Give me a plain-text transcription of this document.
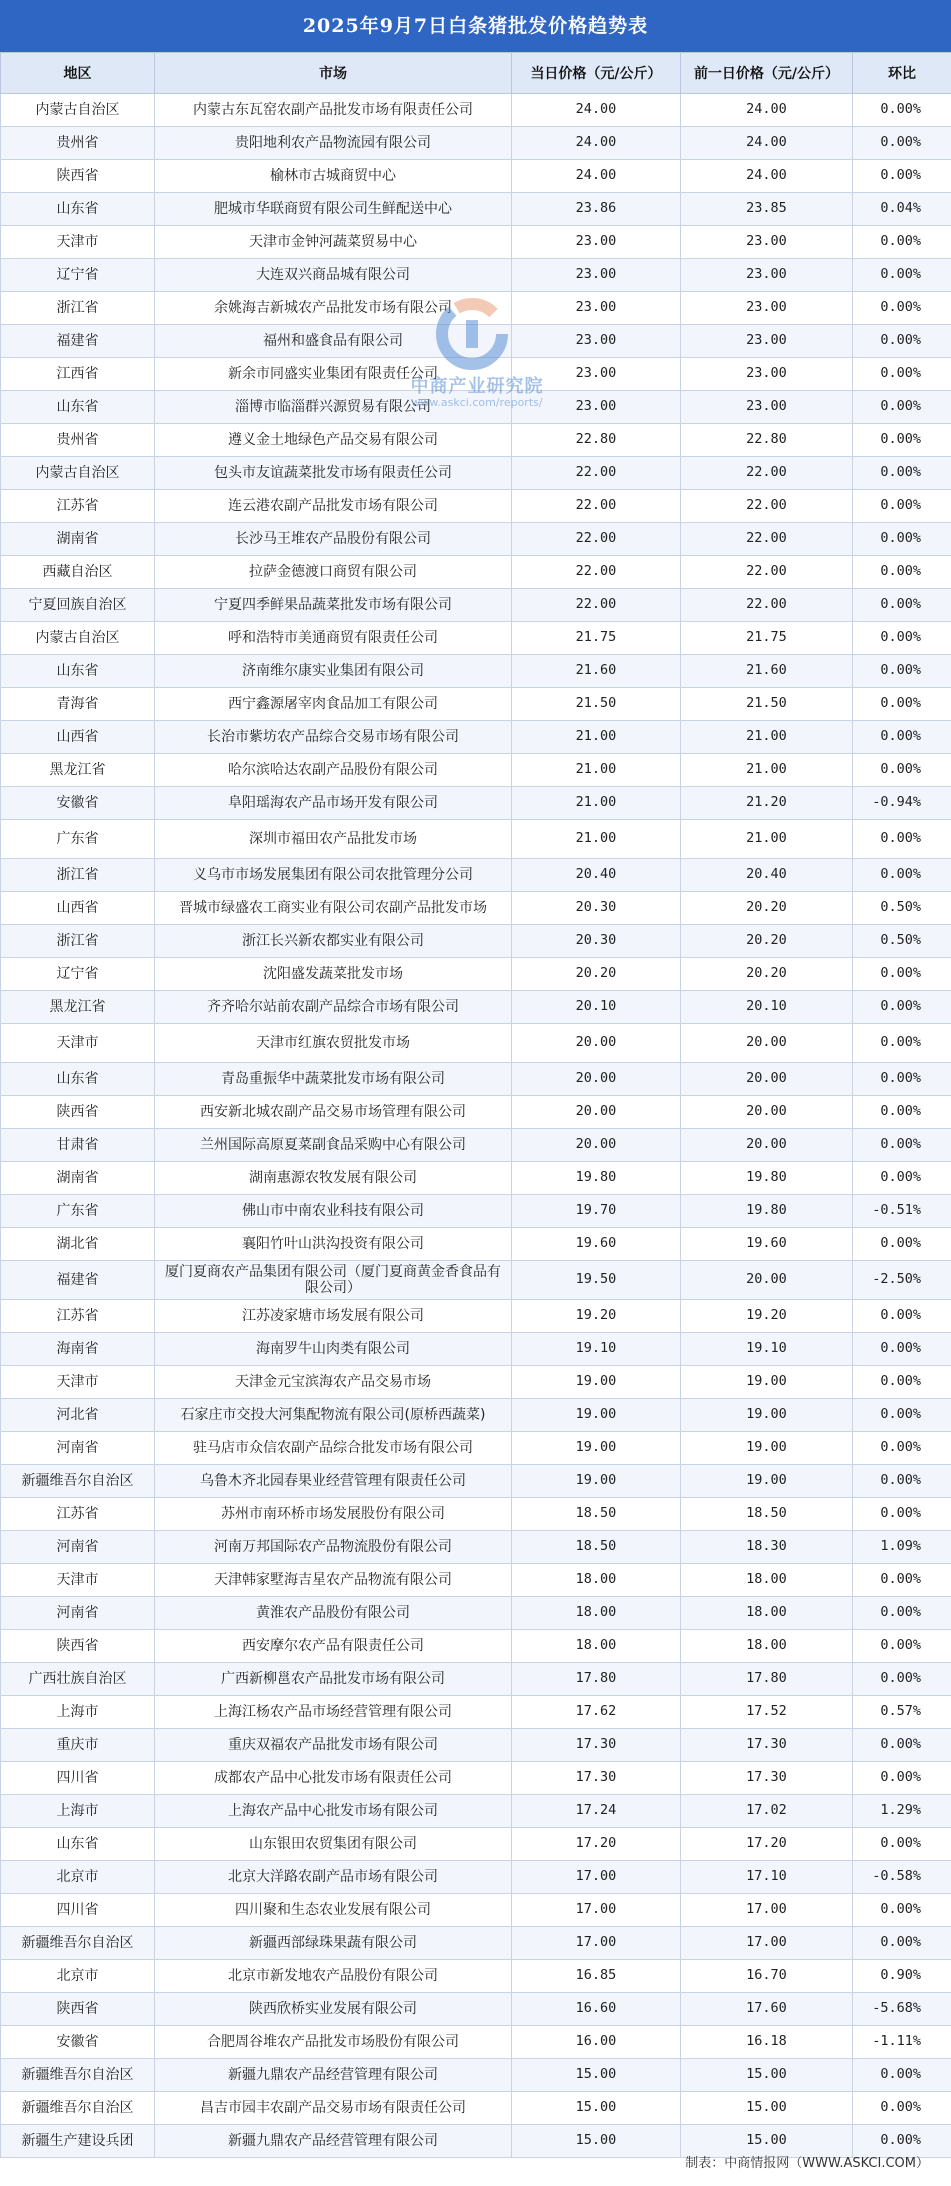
2025年9月7日白条猪批发价格趋势表
地区	市场	当日价格（元/公斤）	前一日价格（元/公斤）	环比
内蒙古自治区	内蒙古东瓦窑农副产品批发市场有限责任公司	24.00	24.00	0.00%
贵州省	贵阳地利农产品物流园有限公司	24.00	24.00	0.00%
陕西省	榆林市古城商贸中心	24.00	24.00	0.00%
山东省	肥城市华联商贸有限公司生鲜配送中心	23.86	23.85	0.04%
天津市	天津市金钟河蔬菜贸易中心	23.00	23.00	0.00%
辽宁省	大连双兴商品城有限公司	23.00	23.00	0.00%
浙江省	余姚海吉新城农产品批发市场有限公司	23.00	23.00	0.00%
福建省	福州和盛食品有限公司	23.00	23.00	0.00%
江西省	新余市同盛实业集团有限责任公司	23.00	23.00	0.00%
山东省	淄博市临淄群兴源贸易有限公司	23.00	23.00	0.00%
贵州省	遵义金土地绿色产品交易有限公司	22.80	22.80	0.00%
内蒙古自治区	包头市友谊蔬菜批发市场有限责任公司	22.00	22.00	0.00%
江苏省	连云港农副产品批发市场有限公司	22.00	22.00	0.00%
湖南省	长沙马王堆农产品股份有限公司	22.00	22.00	0.00%
西藏自治区	拉萨金德渡口商贸有限公司	22.00	22.00	0.00%
宁夏回族自治区	宁夏四季鲜果品蔬菜批发市场有限公司	22.00	22.00	0.00%
内蒙古自治区	呼和浩特市美通商贸有限责任公司	21.75	21.75	0.00%
山东省	济南维尔康实业集团有限公司	21.60	21.60	0.00%
青海省	西宁鑫源屠宰肉食品加工有限公司	21.50	21.50	0.00%
山西省	长治市紫坊农产品综合交易市场有限公司	21.00	21.00	0.00%
黑龙江省	哈尔滨哈达农副产品股份有限公司	21.00	21.00	0.00%
安徽省	阜阳瑶海农产品市场开发有限公司	21.00	21.20	-0.94%
广东省	深圳市福田农产品批发市场	21.00	21.00	0.00%
浙江省	义乌市市场发展集团有限公司农批管理分公司	20.40	20.40	0.00%
山西省	晋城市绿盛农工商实业有限公司农副产品批发市场	20.30	20.20	0.50%
浙江省	浙江长兴新农都实业有限公司	20.30	20.20	0.50%
辽宁省	沈阳盛发蔬菜批发市场	20.20	20.20	0.00%
黑龙江省	齐齐哈尔站前农副产品综合市场有限公司	20.10	20.10	0.00%
天津市	天津市红旗农贸批发市场	20.00	20.00	0.00%
山东省	青岛重振华中蔬菜批发市场有限公司	20.00	20.00	0.00%
陕西省	西安新北城农副产品交易市场管理有限公司	20.00	20.00	0.00%
甘肃省	兰州国际高原夏菜副食品采购中心有限公司	20.00	20.00	0.00%
湖南省	湖南惠源农牧发展有限公司	19.80	19.80	0.00%
广东省	佛山市中南农业科技有限公司	19.70	19.80	-0.51%
湖北省	襄阳竹叶山洪沟投资有限公司	19.60	19.60	0.00%
福建省	厦门夏商农产品集团有限公司（厦门夏商黄金香食品有限公司）	19.50	20.00	-2.50%
江苏省	江苏凌家塘市场发展有限公司	19.20	19.20	0.00%
海南省	海南罗牛山肉类有限公司	19.10	19.10	0.00%
天津市	天津金元宝滨海农产品交易市场	19.00	19.00	0.00%
河北省	石家庄市交投大河集配物流有限公司(原桥西蔬菜)	19.00	19.00	0.00%
河南省	驻马店市众信农副产品综合批发市场有限公司	19.00	19.00	0.00%
新疆维吾尔自治区	乌鲁木齐北园春果业经营管理有限责任公司	19.00	19.00	0.00%
江苏省	苏州市南环桥市场发展股份有限公司	18.50	18.50	0.00%
河南省	河南万邦国际农产品物流股份有限公司	18.50	18.30	1.09%
天津市	天津韩家墅海吉星农产品物流有限公司	18.00	18.00	0.00%
河南省	黄淮农产品股份有限公司	18.00	18.00	0.00%
陕西省	西安摩尔农产品有限责任公司	18.00	18.00	0.00%
广西壮族自治区	广西新柳邕农产品批发市场有限公司	17.80	17.80	0.00%
上海市	上海江杨农产品市场经营管理有限公司	17.62	17.52	0.57%
重庆市	重庆双福农产品批发市场有限公司	17.30	17.30	0.00%
四川省	成都农产品中心批发市场有限责任公司	17.30	17.30	0.00%
上海市	上海农产品中心批发市场有限公司	17.24	17.02	1.29%
山东省	山东银田农贸集团有限公司	17.20	17.20	0.00%
北京市	北京大洋路农副产品市场有限公司	17.00	17.10	-0.58%
四川省	四川聚和生态农业发展有限公司	17.00	17.00	0.00%
新疆维吾尔自治区	新疆西部绿珠果蔬有限公司	17.00	17.00	0.00%
北京市	北京市新发地农产品股份有限公司	16.85	16.70	0.90%
陕西省	陕西欣桥实业发展有限公司	16.60	17.60	-5.68%
安徽省	合肥周谷堆农产品批发市场股份有限公司	16.00	16.18	-1.11%
新疆维吾尔自治区	新疆九鼎农产品经营管理有限公司	15.00	15.00	0.00%
新疆维吾尔自治区	昌吉市园丰农副产品交易市场有限责任公司	15.00	15.00	0.00%
新疆生产建设兵团	新疆九鼎农产品经营管理有限公司	15.00	15.00	0.00%
中商产业研究院
www.askci.com/reports/
制表：中商情报网（WWW.ASKCI.COM）
